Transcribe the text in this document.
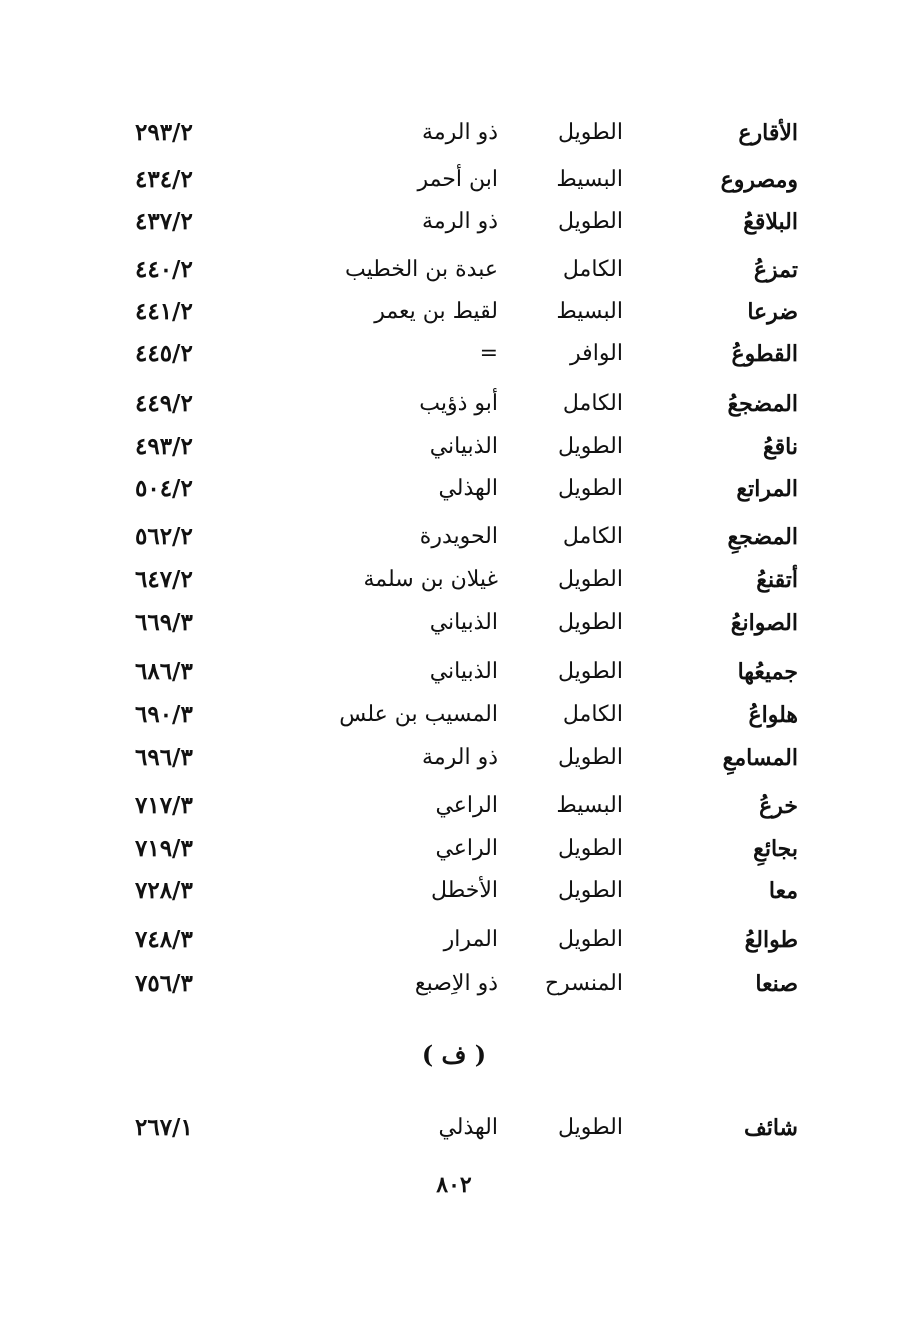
الأقارع
الطويل
ذو الرمة
٢٩٣/٢
ومصروع
البسيط
ابن أحمر
٤٣٤/٢
البلاقعُ
الطويل
ذو الرمة
٤٣٧/٢
تمزعُ
الكامل
عبدة بن الخطيب
٤٤٠/٢
ضرعا
البسيط
لقيط بن يعمر
٤٤١/٢
القطوعُ
الوافر
=
٤٤٥/٢
المضجعُ
الكامل
أبو ذؤيب
٤٤٩/٢
ناقعُ
الطويل
الذبياني
٤٩٣/٢
المراتع
الطويل
الهذلي
٥٠٤/٢
المضجعِ
الكامل
الحويدرة
٥٦٢/٢
أتقنعُ
الطويل
غيلان بن سلمة
٦٤٧/٢
الصوانعُ
الطويل
الذبياني
٦٦٩/٣
جميعُها
الطويل
الذبياني
٦٨٦/٣
هلواعُ
الكامل
المسيب بن علس
٦٩٠/٣
المسامعِ
الطويل
ذو الرمة
٦٩٦/٣
خرعُ
البسيط
الراعي
٧١٧/٣
بجائعِ
الطويل
الراعي
٧١٩/٣
معا
الطويل
الأخطل
٧٢٨/٣
طوالعُ
الطويل
المرار
٧٤٨/٣
صنعا
المنسرح
ذو الاِصبع
٧٥٦/٣
( ف )
شائف
الطويل
الهذلي
٢٦٧/١
٨٠٢
